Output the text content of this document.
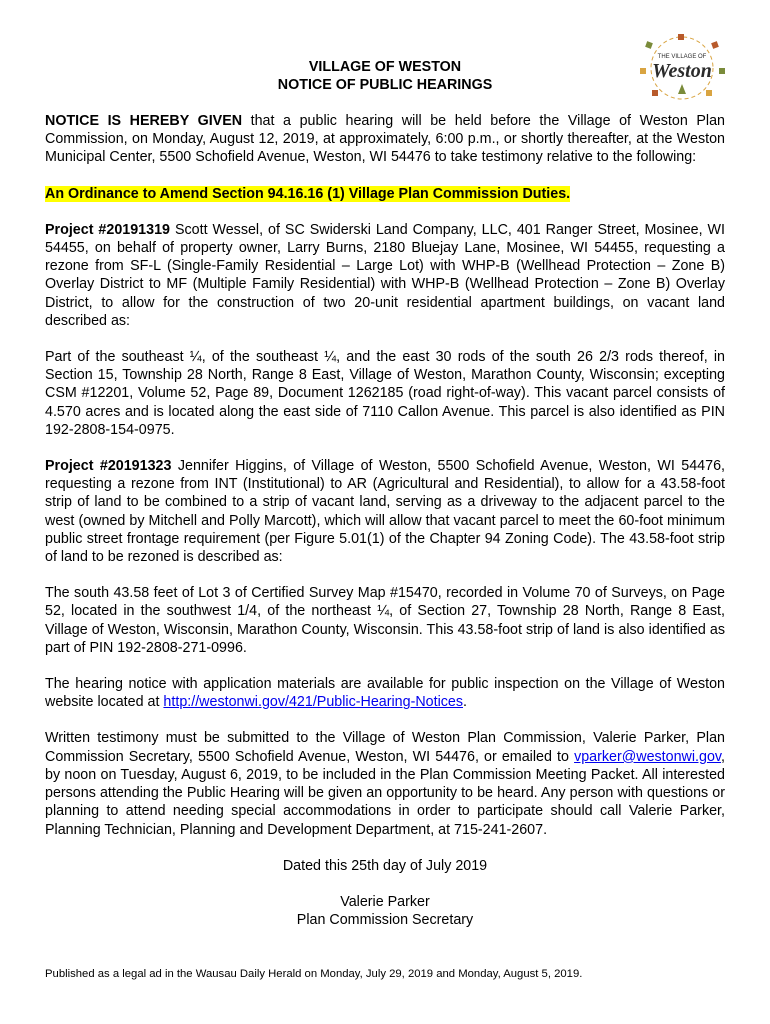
THE VILLAGE OF
Weston
VILLAGE OF WESTON
NOTICE OF PUBLIC HEARINGS

NOTICE IS HEREBY GIVEN that a public hearing will be held before the Village of Weston Plan Commission, on Monday, August 12, 2019, at approximately, 6:00 p.m., or shortly thereafter, at the Weston Municipal Center, 5500 Schofield Avenue, Weston, WI 54476 to take testimony relative to the following:

An Ordinance to Amend Section 94.16.16 (1) Village Plan Commission Duties.

Project #20191319 Scott Wessel, of SC Swiderski Land Company, LLC, 401 Ranger Street, Mosinee, WI 54455, on behalf of property owner, Larry Burns, 2180 Bluejay Lane, Mosinee, WI 54455, requesting a rezone from SF-L (Single-Family Residential – Large Lot) with WHP-B (Wellhead Protection – Zone B) Overlay District to MF (Multiple Family Residential) with WHP-B (Wellhead Protection – Zone B) Overlay District, to allow for the construction of two 20-unit residential apartment buildings, on vacant land described as:

Part of the southeast ¼, of the southeast ¼, and the east 30 rods of the south 26 2/3 rods thereof, in Section 15, Township 28 North, Range 8 East, Village of Weston, Marathon County, Wisconsin; excepting CSM #12201, Volume 52, Page 89, Document 1262185 (road right-of-way). This vacant parcel consists of 4.570 acres and is located along the east side of 7110 Callon Avenue. This parcel is also identified as PIN 192-2808-154-0975.

Project #20191323 Jennifer Higgins, of Village of Weston, 5500 Schofield Avenue, Weston, WI 54476, requesting a rezone from INT (Institutional) to AR (Agricultural and Residential), to allow for a 43.58-foot strip of land to be combined to a strip of vacant land, serving as a driveway to the adjacent parcel to the west (owned by Mitchell and Polly Marcott), which will allow that vacant parcel to meet the 60-foot minimum public street frontage requirement (per Figure 5.01(1) of the Chapter 94 Zoning Code). The 43.58-foot strip of land to be rezoned is described as:

The south 43.58 feet of Lot 3 of Certified Survey Map #15470, recorded in Volume 70 of Surveys, on Page 52, located in the southwest 1/4, of the northeast ¼, of Section 27, Township 28 North, Range 8 East, Village of Weston, Wisconsin, Marathon County, Wisconsin. This 43.58-foot strip of land is also identified as part of PIN 192-2808-271-0996.

The hearing notice with application materials are available for public inspection on the Village of Weston website located at http://westonwi.gov/421/Public-Hearing-Notices.

Written testimony must be submitted to the Village of Weston Plan Commission, Valerie Parker, Plan Commission Secretary, 5500 Schofield Avenue, Weston, WI 54476, or emailed to vparker@westonwi.gov, by noon on Tuesday, August 6, 2019, to be included in the Plan Commission Meeting Packet. All interested persons attending the Public Hearing will be given an opportunity to be heard. Any person with questions or planning to attend needing special accommodations in order to participate should call Valerie Parker, Planning Technician, Planning and Development Department, at 715-241-2607.

Dated this 25th day of July 2019
Valerie Parker
Plan Commission Secretary
Published as a legal ad in the Wausau Daily Herald on Monday, July 29, 2019 and Monday, August 5, 2019.
